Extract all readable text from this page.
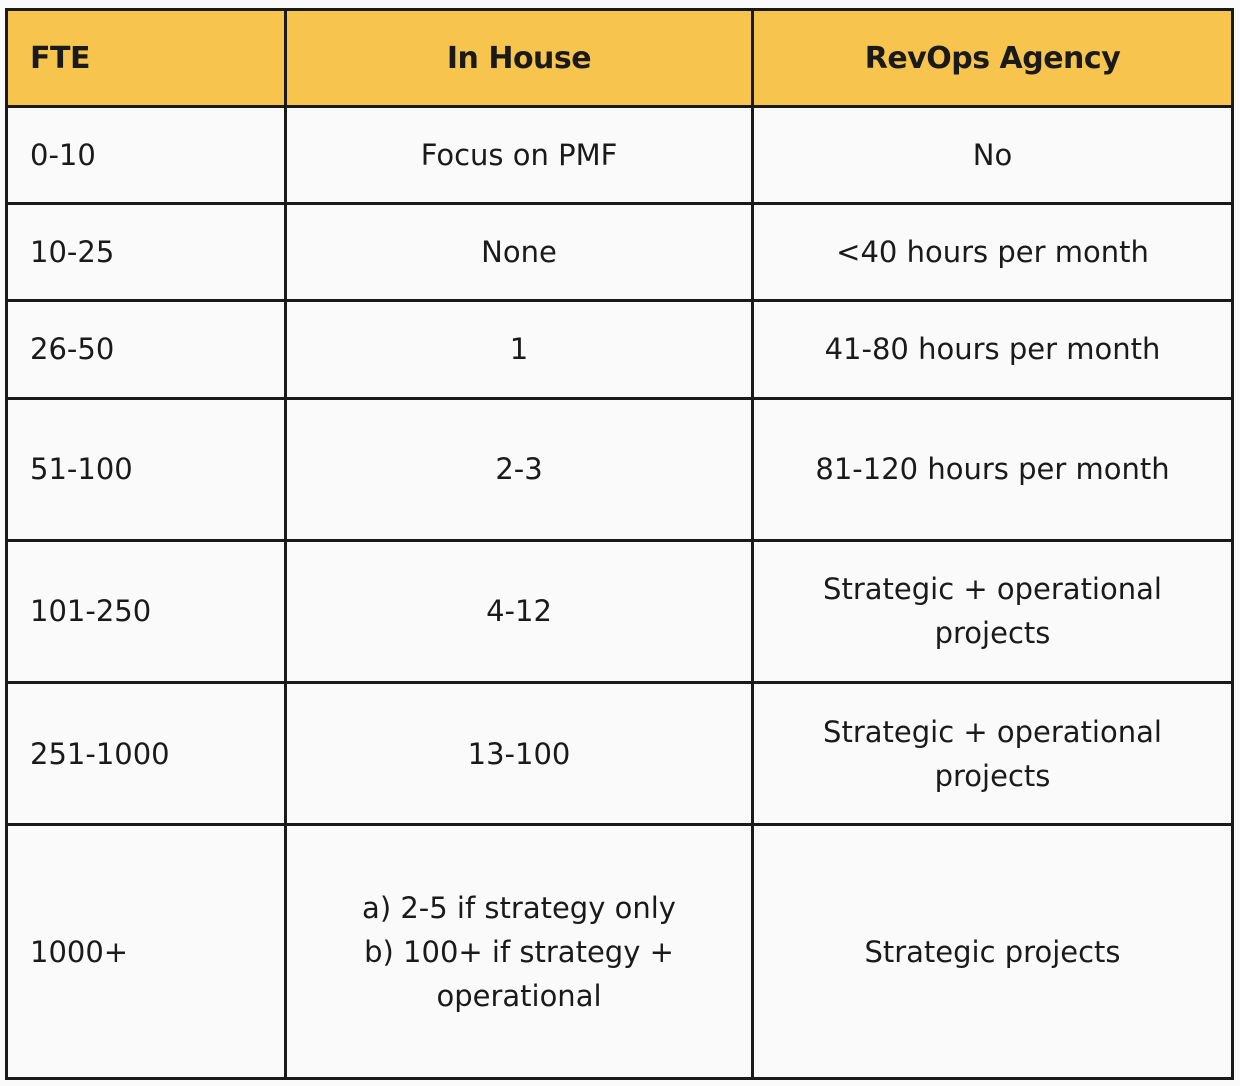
FTE	In House	RevOps Agency
0-10	Focus on PMF	No
10-25	None	<40 hours per month
26-50	1	41-80 hours per month
51-100	2-3	81-120 hours per month
101-250	4-12	Strategic + operational
projects
251-1000	13-100	Strategic + operational
projects
1000+	a) 2-5 if strategy only
b) 100+ if strategy +
operational	Strategic projects
